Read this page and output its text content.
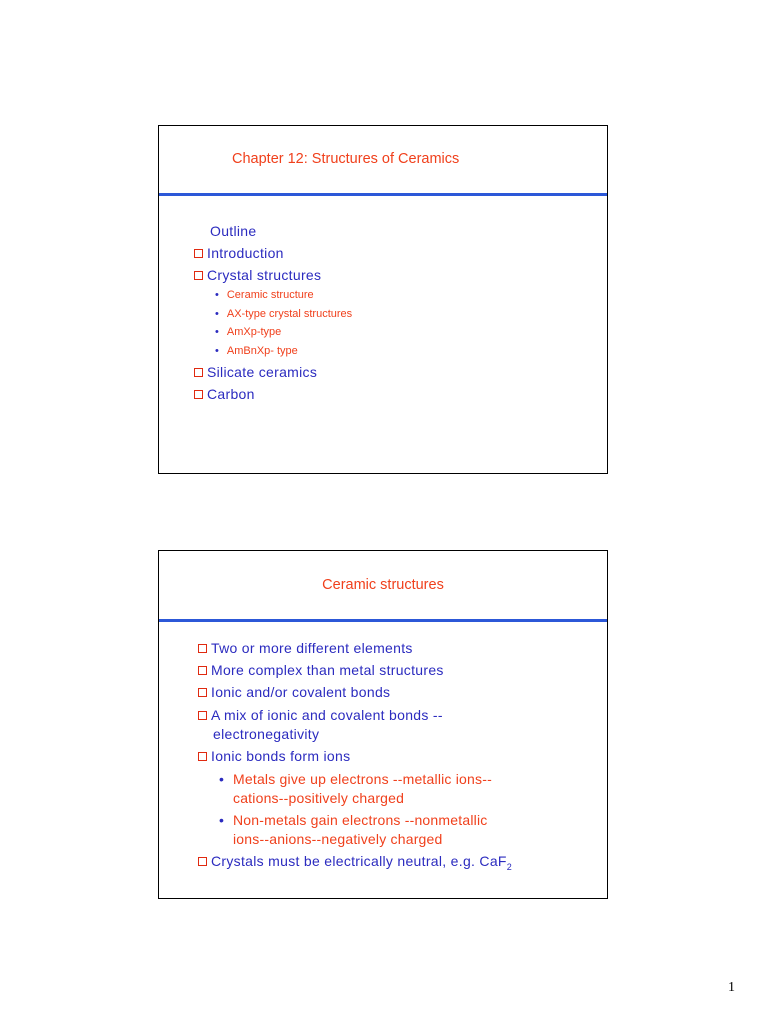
Chapter 12: Structures of Ceramics
Outline
Introduction
Crystal structures
• Ceramic structure
• AX-type crystal structures
• AmXp-type
• AmBnXp- type
Silicate ceramics
Carbon
Ceramic structures
Two or more different elements
More complex than metal structures
Ionic and/or covalent bonds
A mix of ionic and covalent bonds --
electronegativity
Ionic bonds form ions
• Metals give up electrons --metallic ions--
cations--positively charged
• Non-metals gain electrons --nonmetallic
ions--anions--negatively charged
Crystals must be electrically neutral, e.g. CaF$_2$
1
